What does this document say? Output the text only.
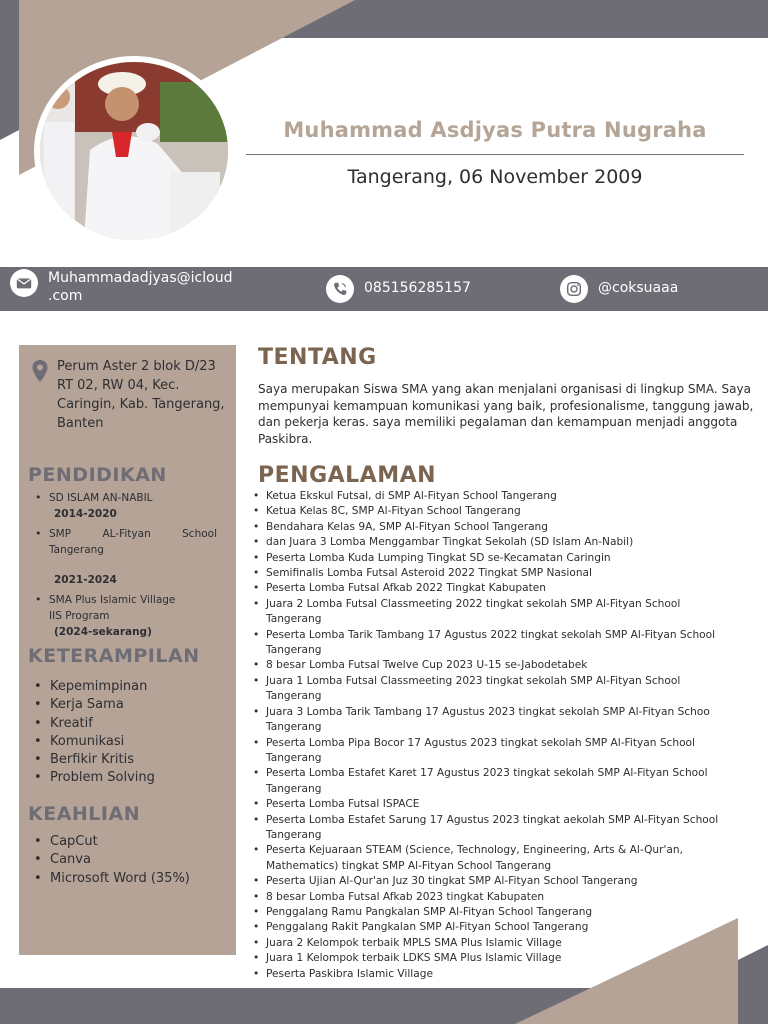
Muhammad Asdjyas Putra Nugraha
Tangerang, 06 November 2009
Muhammadadjyas@icloud .com	085156285157	@coksuaaa
Perum Aster 2 blok D/23 RT 02, RW 04, Kec. Caringin, Kab. Tangerang, Banten
PENDIDIKAN
• SD ISLAM AN-NABIL
2014-2020
• SMP AL-Fityan School Tangerang
2021-2024
• SMA Plus Islamic Village IIS Program
(2024-sekarang)
KETERAMPILAN
• Kepemimpinan
• Kerja Sama
• Kreatif
• Komunikasi
• Berfikir Kritis
• Problem Solving
KEAHLIAN
• CapCut
• Canva
• Microsoft Word (35%)
TENTANG
Saya merupakan Siswa SMA yang akan menjalani organisasi di lingkup SMA. Saya mempunyai kemampuan komunikasi yang baik, profesionalisme, tanggung jawab, dan pekerja keras. saya memiliki pegalaman dan kemampuan menjadi anggota Paskibra.
PENGALAMAN
• Ketua Ekskul Futsal, di SMP Al-Fityan School Tangerang
• Ketua Kelas 8C, SMP Al-Fityan School Tangerang
• Bendahara Kelas 9A, SMP Al-Fityan School Tangerang
• dan Juara 3 Lomba Menggambar Tingkat Sekolah (SD Islam An-Nabil)
• Peserta Lomba Kuda Lumping Tingkat SD se-Kecamatan Caringin
• Semifinalis Lomba Futsal Asteroid 2022 Tingkat SMP Nasional
• Peserta Lomba Futsal Afkab 2022 Tingkat Kabupaten
• Juara 2 Lomba Futsal Classmeeting 2022 tingkat sekolah SMP Al-Fityan School Tangerang
• Peserta Lomba Tarik Tambang 17 Agustus 2022 tingkat sekolah SMP Al-Fityan School Tangerang
• 8 besar Lomba Futsal Twelve Cup 2023 U-15 se-Jabodetabek
• Juara 1 Lomba Futsal Classmeeting 2023 tingkat sekolah SMP Al-Fityan School Tangerang
• Juara 3 Lomba Tarik Tambang 17 Agustus 2023 tingkat sekolah SMP Al-Fityan Schoo Tangerang
• Peserta Lomba Pipa Bocor 17 Agustus 2023 tingkat sekolah SMP Al-Fityan School Tangerang
• Peserta Lomba Estafet Karet 17 Agustus 2023 tingkat sekolah SMP Al-Fityan School Tangerang
• Peserta Lomba Futsal ISPACE
• Peserta Lomba Estafet Sarung 17 Agustus 2023 tingkat aekolah SMP Al-Fityan School Tangerang
• Peserta Kejuaraan STEAM (Science, Technology, Engineering, Arts & Al-Qur'an, Mathematics) tingkat SMP Al-Fityan School Tangerang
• Peserta Ujian Al-Qur'an Juz 30 tingkat SMP Al-Fityan School Tangerang
• 8 besar Lomba Futsal Afkab 2023 tingkat Kabupaten
• Penggalang Ramu Pangkalan SMP Al-Fityan School Tangerang
• Penggalang Rakit Pangkalan SMP Al-Fityan School Tangerang
• Juara 2 Kelompok terbaik MPLS SMA Plus Islamic Village
• Juara 1 Kelompok terbaik LDKS SMA Plus Islamic Village
• Peserta Paskibra Islamic Village
